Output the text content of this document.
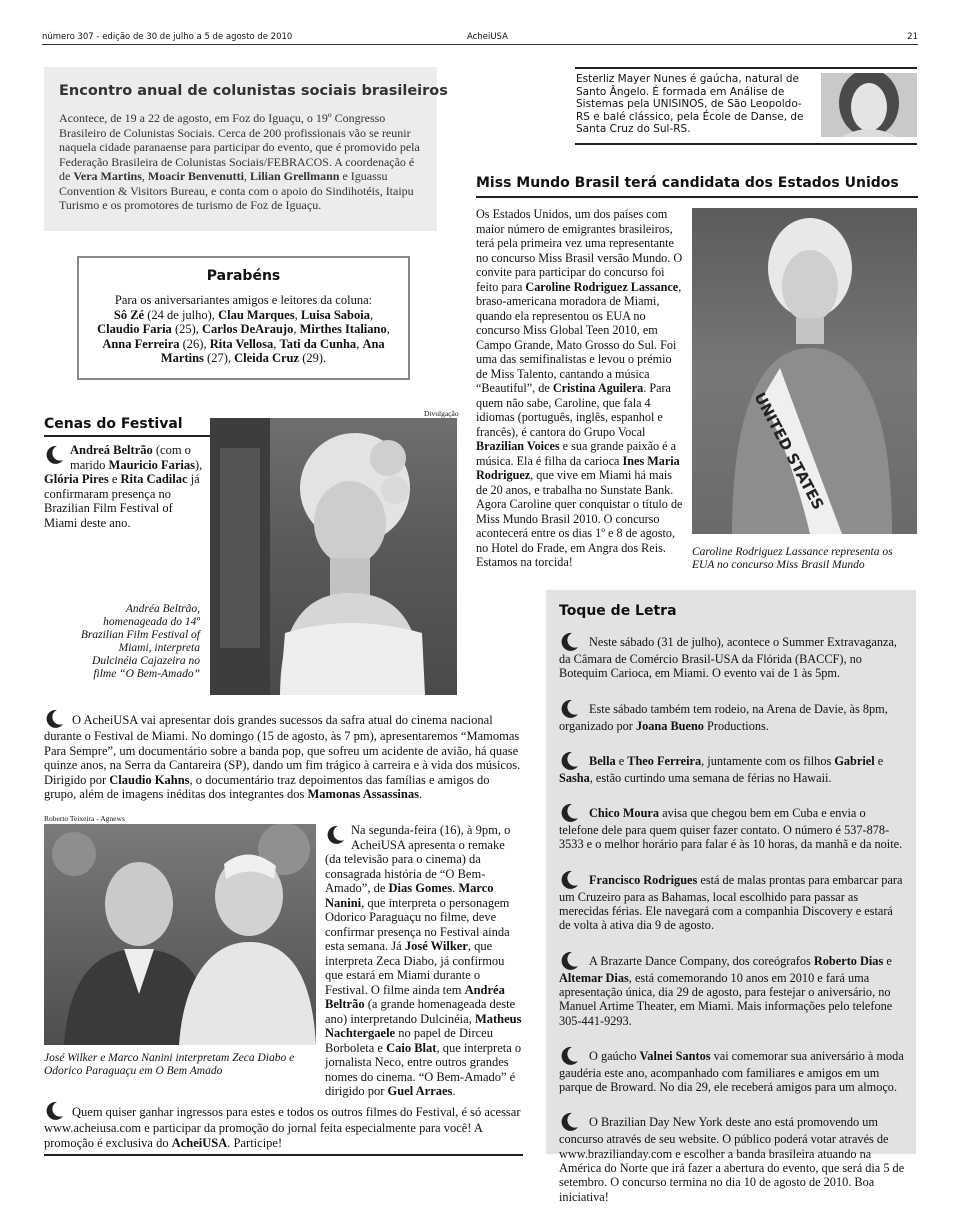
número 307 - edição de 30 de julho a 5 de agosto de 2010	AcheiUSA	21
Encontro anual de colunistas sociais brasileiros

Acontece, de 19 a 22 de agosto, em Foz do Iguaçu, o 19º Congresso Brasileiro de Colunistas Sociais. Cerca de 200 profissionais vão se reunir naquela cidade paranaense para participar do evento, que é promovido pela Federação Brasileira de Colunistas Sociais/FEBRACOS. A coordenação é de Vera Martins, Moacir Benvenutti, Lilian Grellmann e Iguassu Convention & Visitors Bureau, e conta com o apoio do Sindihotéis, Itaipu Turismo e os promotores de turismo de Foz de Iguaçu.

Parabéns

Para os aniversariantes amigos e leitores da coluna:
Sô Zé (24 de julho), Clau Marques, Luisa Saboia, Claudio Faria (25), Carlos DeAraujo, Mirthes Italiano, Anna Ferreira (26), Rita Vellosa, Tati da Cunha, Ana Martins (27), Cleida Cruz (29).

Cenas do Festival
Divulgação

Andreá Beltrão (com o marido Mauricio Farias), Glória Pires e Rita Cadilac já confirmaram presença no Brazilian Film Festival of Miami deste ano.

Andréa Beltrão, homenageada do 14º Brazilian Film Festival of Miami, interpreta Dulcinéia Cajazeira no filme “O Bem-Amado”

O AcheiUSA vai apresentar dois grandes sucessos da safra atual do cinema nacional durante o Festival de Miami. No domingo (15 de agosto, às 7 pm), apresentaremos “Mamomas Para Sempre”, um documentário sobre a banda pop, que sofreu um acidente de avião, há quase quinze anos, na Serra da Cantareira (SP), dando um fim trágico à carreira e à vida dos músicos. Dirigido por Claudio Kahns, o documentário traz depoimentos das famílias e amigos do grupo, além de imagens inéditas dos integrantes dos Mamonas Assassinas.

Roberto Teixeira - Agnews
José Wilker e Marco Nanini interpretam Zeca Diabo e Odorico Paraguaçu em O Bem Amado

Na segunda-feira (16), à 9pm, o AcheiUSA apresenta o remake (da televisão para o cinema) da consagrada história de “O Bem-Amado”, de Dias Gomes. Marco Nanini, que interpreta o personagem Odorico Paraguaçu no filme, deve confirmar presença no Festival ainda esta semana. Já José Wilker, que interpreta Zeca Diabo, já confirmou que estará em Miami durante o Festival. O filme ainda tem Andréa Beltrão (a grande homenageada deste ano) interpretando Dulcinéia, Matheus Nachtergaele no papel de Dirceu Borboleta e Caio Blat, que interpreta o jornalista Neco, entre outros grandes nomes do cinema. “O Bem-Amado” é dirigido por Guel Arraes.

Quem quiser ganhar ingressos para estes e todos os outros filmes do Festival, é só acessar www.acheiusa.com e participar da promoção do jornal feita especialmente para você! A promoção é exclusiva do AcheiUSA. Participe!

Esterliz Mayer Nunes é gaúcha, natural de Santo Ângelo. É formada em Análise de Sistemas pela UNISINOS, de São Leopoldo-RS e balé clássico, pela École de Danse, de Santa Cruz do Sul-RS.

Miss Mundo Brasil terá candidata dos Estados Unidos

Os Estados Unidos, um dos países com maior número de emigrantes brasileiros, terá pela primeira vez uma representante no concurso Miss Brasil versão Mundo. O convite para participar do concurso foi feito para Caroline Rodriguez Lassance, braso-americana moradora de Miami, quando ela representou os EUA no concurso Miss Global Teen 2010, em Campo Grande, Mato Grosso do Sul. Foi uma das semifinalistas e levou o prémio de Miss Talento, cantando a música “Beautiful”, de Cristina Aguilera. Para quem não sabe, Caroline, que fala 4 idiomas (português, inglês, espanhol e francês), é cantora do Grupo Vocal Brazilian Voices e sua grande paixão é a música. Ela é filha da carioca Ines Maria Rodriguez, que vive em Miami há mais de 20 anos, e trabalha no Sunstate Bank. Agora Caroline quer conquistar o título de Miss Mundo Brasil 2010. O concurso acontecerá entre os dias 1º e 8 de agosto, no Hotel do Frade, em Angra dos Reis. Estamos na torcida!

UNITED STATES
Caroline Rodriguez Lassance representa os EUA no concurso Miss Brasil Mundo
Toque de Letra

Neste sábado (31 de julho), acontece o Summer Extravaganza, da Câmara de Comércio Brasil-USA da Flórida (BACCF), no Botequim Carioca, em Miami. O evento vai de 1 às 5pm.

Este sábado também tem rodeio, na Arena de Davie, às 8pm, organizado por Joana Bueno Productions.

Bella e Theo Ferreira, juntamente com os filhos Gabriel e Sasha, estão curtindo uma semana de férias no Hawaii.

Chico Moura avisa que chegou bem em Cuba e envia o telefone dele para quem quiser fazer contato. O número é 537-878-3533 e o melhor horário para falar é às 10 horas, da manhã e da noite.

Francisco Rodrigues está de malas prontas para embarcar para um Cruzeiro para as Bahamas, local escolhido para passar as merecidas férias. Ele navegará com a companhia Discovery e estará de volta à ativa dia 9 de agosto.

A Brazarte Dance Company, dos coreógrafos Roberto Dias e Altemar Dias, está comemorando 10 anos em 2010 e fará uma apresentação única, dia 29 de agosto, para festejar o aniversário, no Manuel Artime Theater, em Miami. Mais informações pelo telefone 305-441-9293.

O gaúcho Valnei Santos vai comemorar sua aniversário à moda gaudéria este ano, acompanhado com familiares e amigos em um parque de Broward. No dia 29, ele receberá amigos para um almoço.

O Brazilian Day New York deste ano está promovendo um concurso através de seu website. O público poderá votar através de www.brazilianday.com e escolher a banda brasileira atuando na América do Norte que irá fazer a abertura do evento, que será dia 5 de setembro. O concurso termina no dia 10 de agosto de 2010. Boa iniciativa!
